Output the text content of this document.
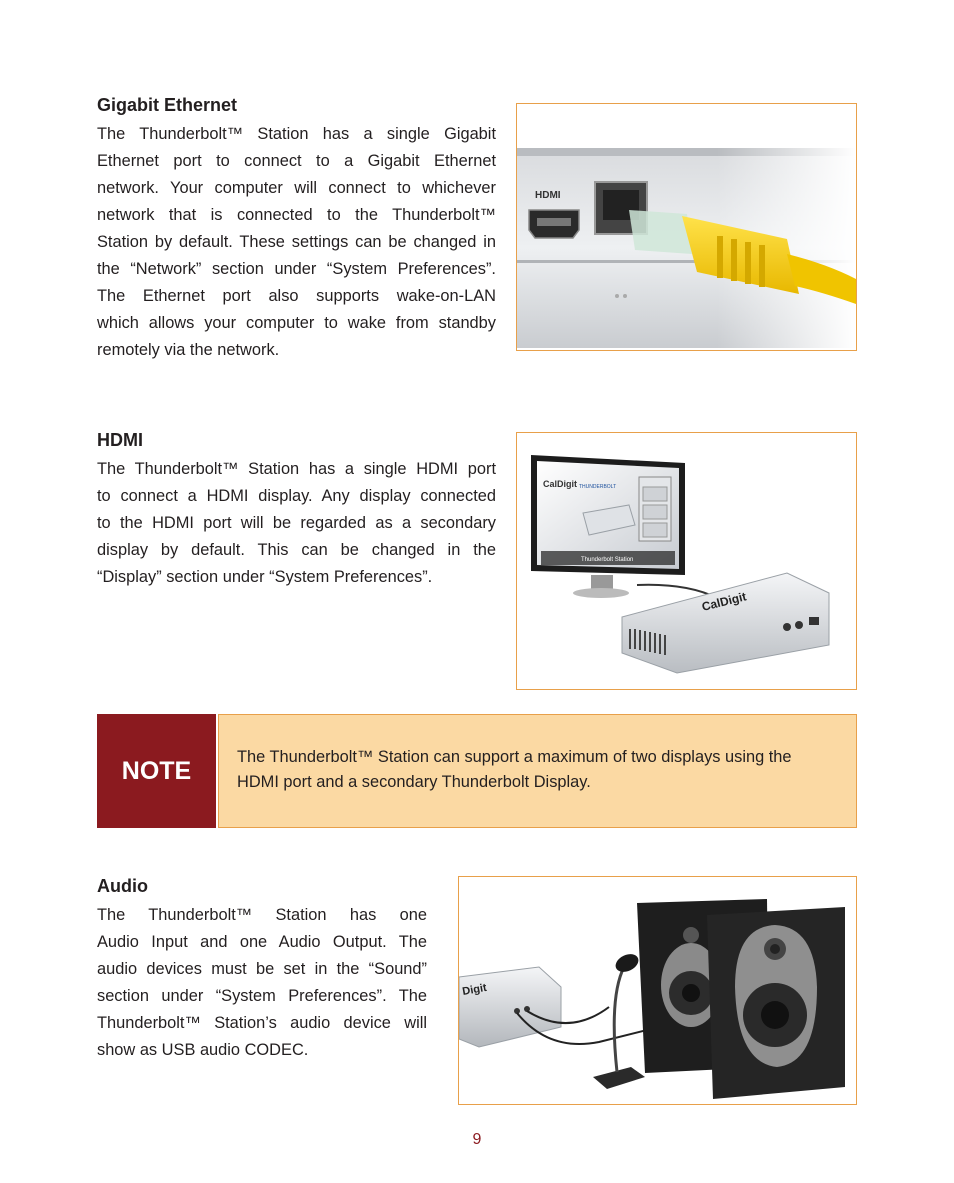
Gigabit Ethernet
The Thunderbolt™ Station has a single Gigabit
Ethernet port to connect to a Gigabit Ethernet
network. Your computer will connect to whichever
network that is connected to the Thunderbolt™
Station by default. These settings can be changed in
the “Network” section under “System Preferences”.
The Ethernet port also supports wake-on-LAN
which allows your computer to wake from standby
remotely via the network.
HDMI
HDMI
The Thunderbolt™ Station has a single HDMI port
to connect a HDMI display. Any display connected
to the HDMI port will be regarded as a secondary
display by default. This can be changed in the
“Display” section under “System Preferences”.
CalDigit THUNDERBOLT
Thunderbolt Station
CalDigit
NOTE	The Thunderbolt™ Station can support a maximum of two displays using the
HDMI port and a secondary Thunderbolt Display.
Audio
The Thunderbolt™ Station has one
Audio Input and one Audio Output. The
audio devices must be set in the “Sound”
section under “System Preferences”. The
Thunderbolt™ Station’s audio device will
show as USB audio CODEC.
Digit
9
